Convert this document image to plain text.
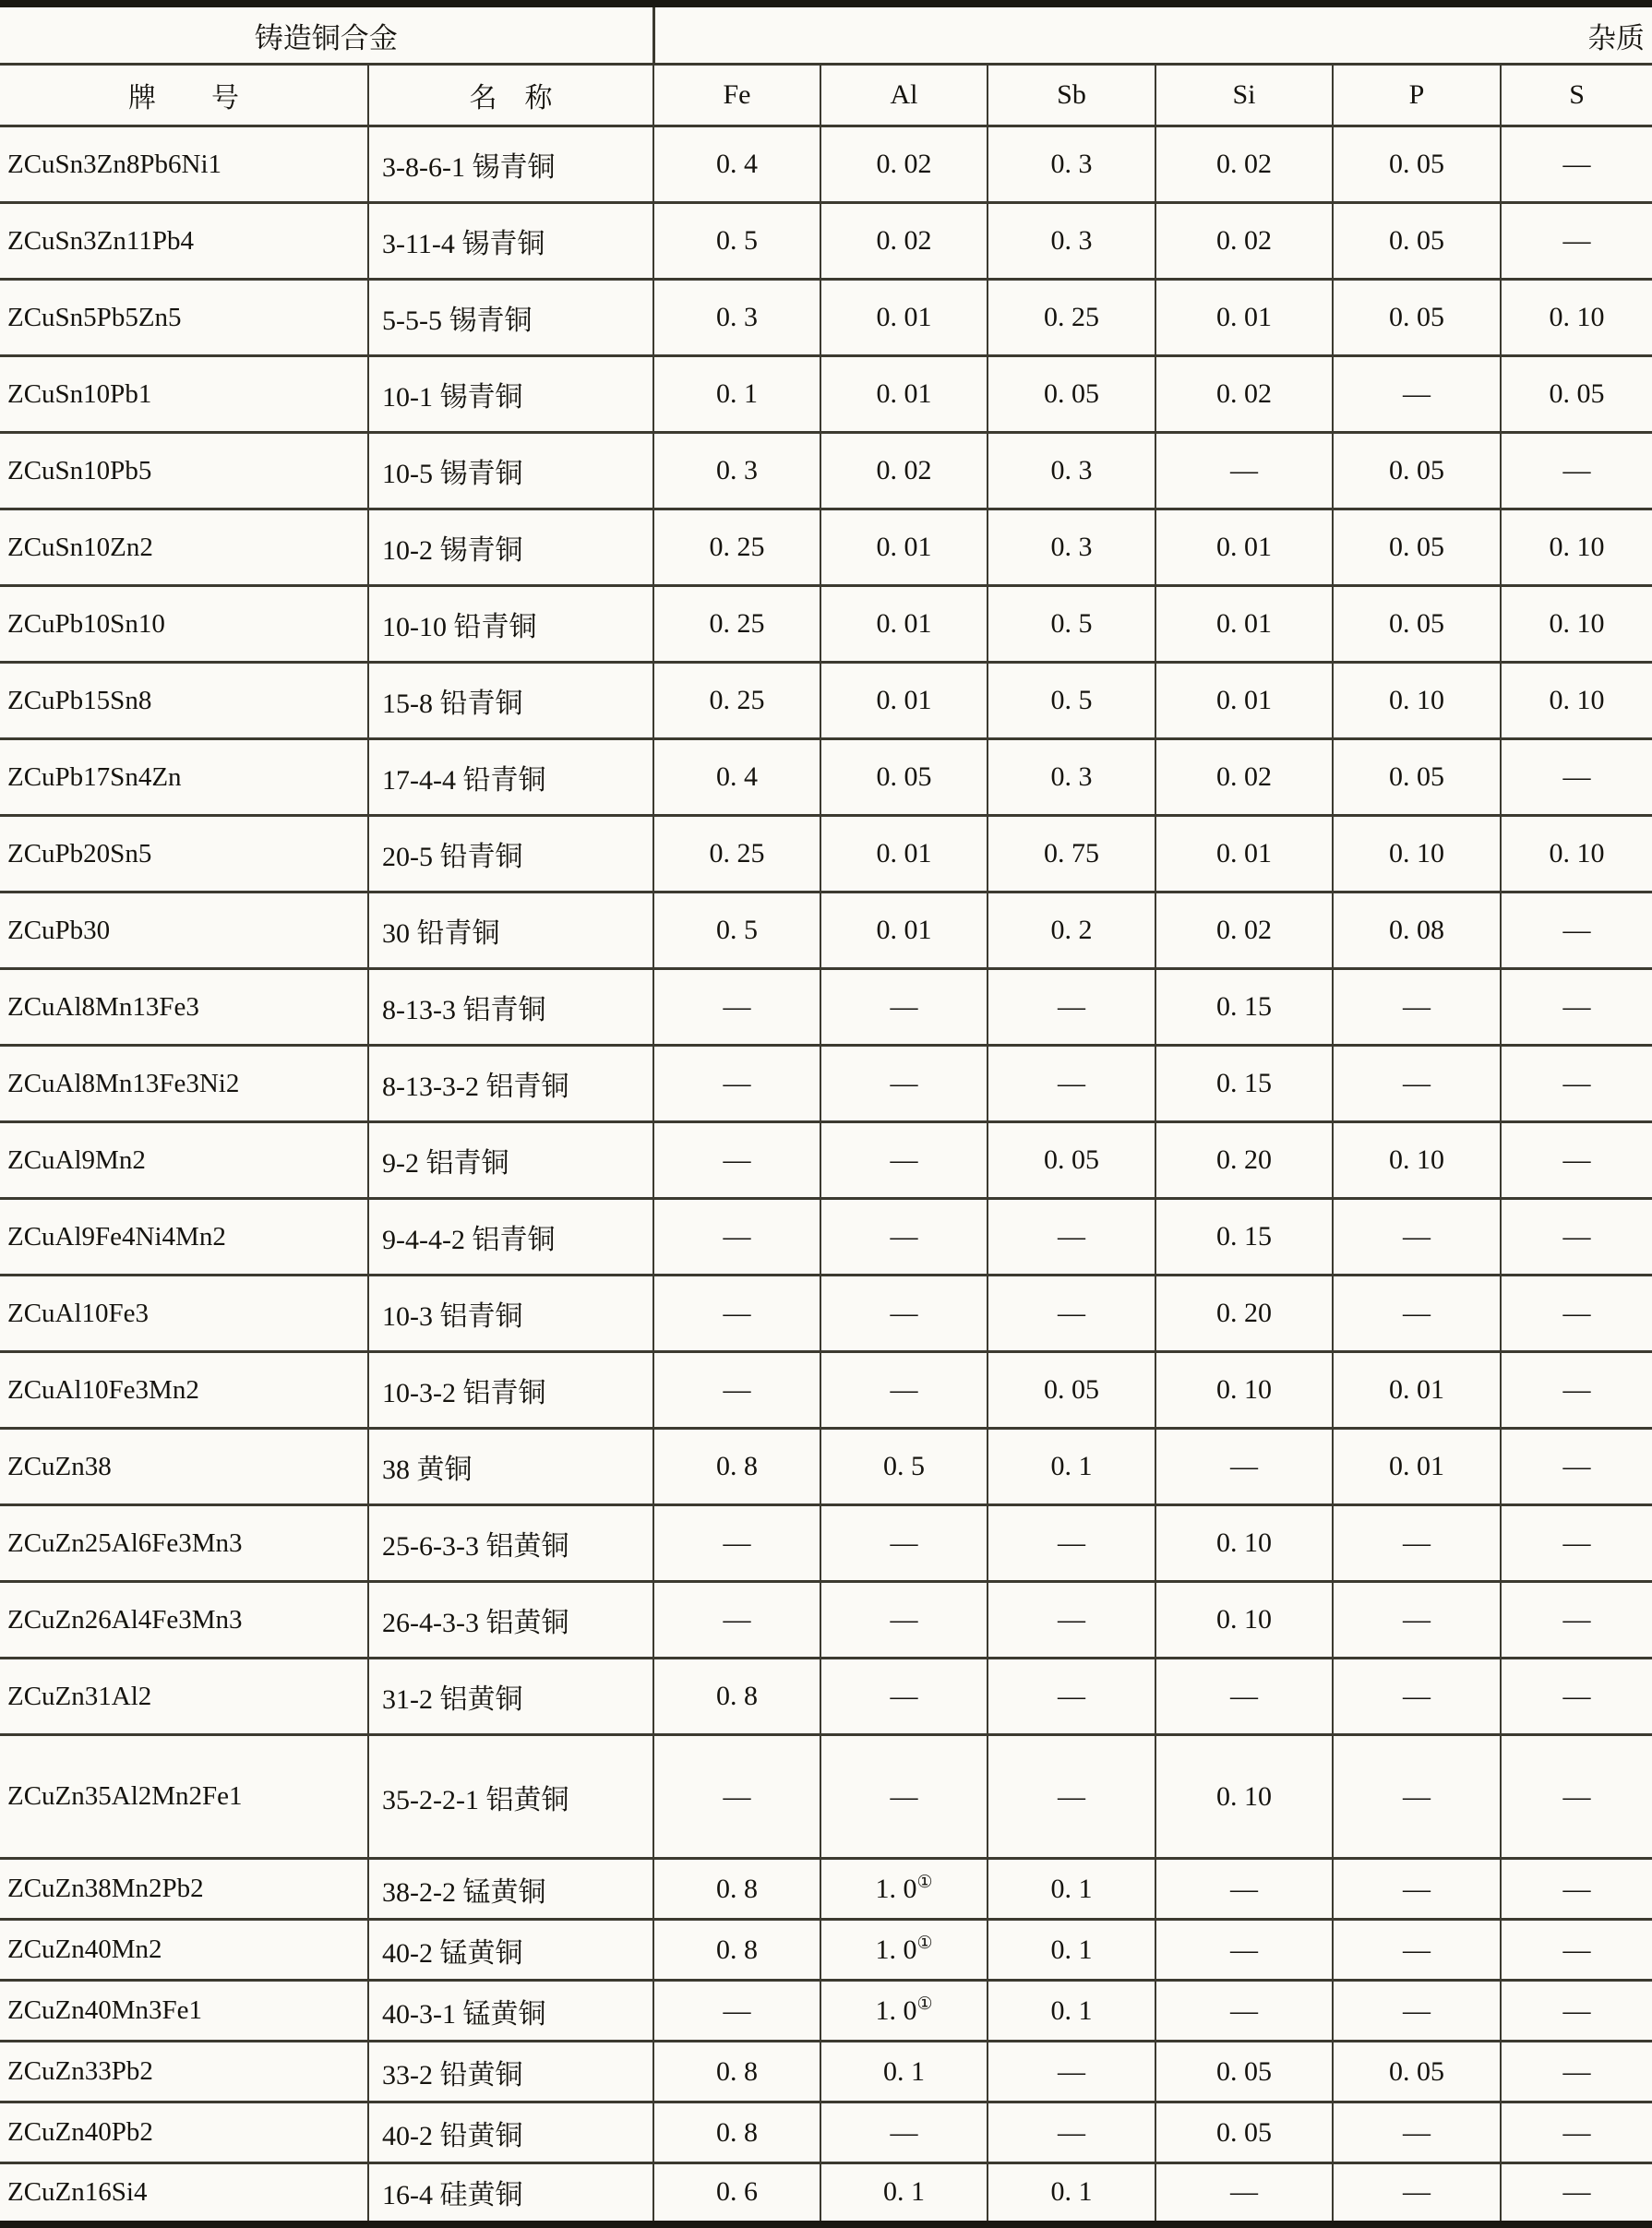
铸造铜合金		杂质					
牌　　号	名　称	Fe	Al	Sb	Si	P	S
ZCuSn3Zn8Pb6Ni1	3-8-6-1 锡青铜	0. 4	0. 02	0. 3	0. 02	0. 05	—
ZCuSn3Zn11Pb4	3-11-4 锡青铜	0. 5	0. 02	0. 3	0. 02	0. 05	—
ZCuSn5Pb5Zn5	5-5-5 锡青铜	0. 3	0. 01	0. 25	0. 01	0. 05	0. 10
ZCuSn10Pb1	10-1 锡青铜	0. 1	0. 01	0. 05	0. 02	—	0. 05
ZCuSn10Pb5	10-5 锡青铜	0. 3	0. 02	0. 3	—	0. 05	—
ZCuSn10Zn2	10-2 锡青铜	0. 25	0. 01	0. 3	0. 01	0. 05	0. 10
ZCuPb10Sn10	10-10 铅青铜	0. 25	0. 01	0. 5	0. 01	0. 05	0. 10
ZCuPb15Sn8	15-8 铅青铜	0. 25	0. 01	0. 5	0. 01	0. 10	0. 10
ZCuPb17Sn4Zn	17-4-4 铅青铜	0. 4	0. 05	0. 3	0. 02	0. 05	—
ZCuPb20Sn5	20-5 铅青铜	0. 25	0. 01	0. 75	0. 01	0. 10	0. 10
ZCuPb30	30 铅青铜	0. 5	0. 01	0. 2	0. 02	0. 08	—
ZCuAl8Mn13Fe3	8-13-3 铝青铜	—	—	—	0. 15	—	—
ZCuAl8Mn13Fe3Ni2	8-13-3-2 铝青铜	—	—	—	0. 15	—	—
ZCuAl9Mn2	9-2 铝青铜	—	—	0. 05	0. 20	0. 10	—
ZCuAl9Fe4Ni4Mn2	9-4-4-2 铝青铜	—	—	—	0. 15	—	—
ZCuAl10Fe3	10-3 铝青铜	—	—	—	0. 20	—	—
ZCuAl10Fe3Mn2	10-3-2 铝青铜	—	—	0. 05	0. 10	0. 01	—
ZCuZn38	38 黄铜	0. 8	0. 5	0. 1	—	0. 01	—
ZCuZn25Al6Fe3Mn3	25-6-3-3 铝黄铜	—	—	—	0. 10	—	—
ZCuZn26Al4Fe3Mn3	26-4-3-3 铝黄铜	—	—	—	0. 10	—	—
ZCuZn31Al2	31-2 铝黄铜	0. 8	—	—	—	—	—
ZCuZn35Al2Mn2Fe1	35-2-2-1 铝黄铜	—	—	—	0. 10	—	—
ZCuZn38Mn2Pb2	38-2-2 锰黄铜	0. 8	1. 0①	0. 1	—	—	—
ZCuZn40Mn2	40-2 锰黄铜	0. 8	1. 0①	0. 1	—	—	—
ZCuZn40Mn3Fe1	40-3-1 锰黄铜	—	1. 0①	0. 1	—	—	—
ZCuZn33Pb2	33-2 铅黄铜	0. 8	0. 1	—	0. 05	0. 05	—
ZCuZn40Pb2	40-2 铅黄铜	0. 8	—	—	0. 05	—	—
ZCuZn16Si4	16-4 硅黄铜	0. 6	0. 1	0. 1	—	—	—
